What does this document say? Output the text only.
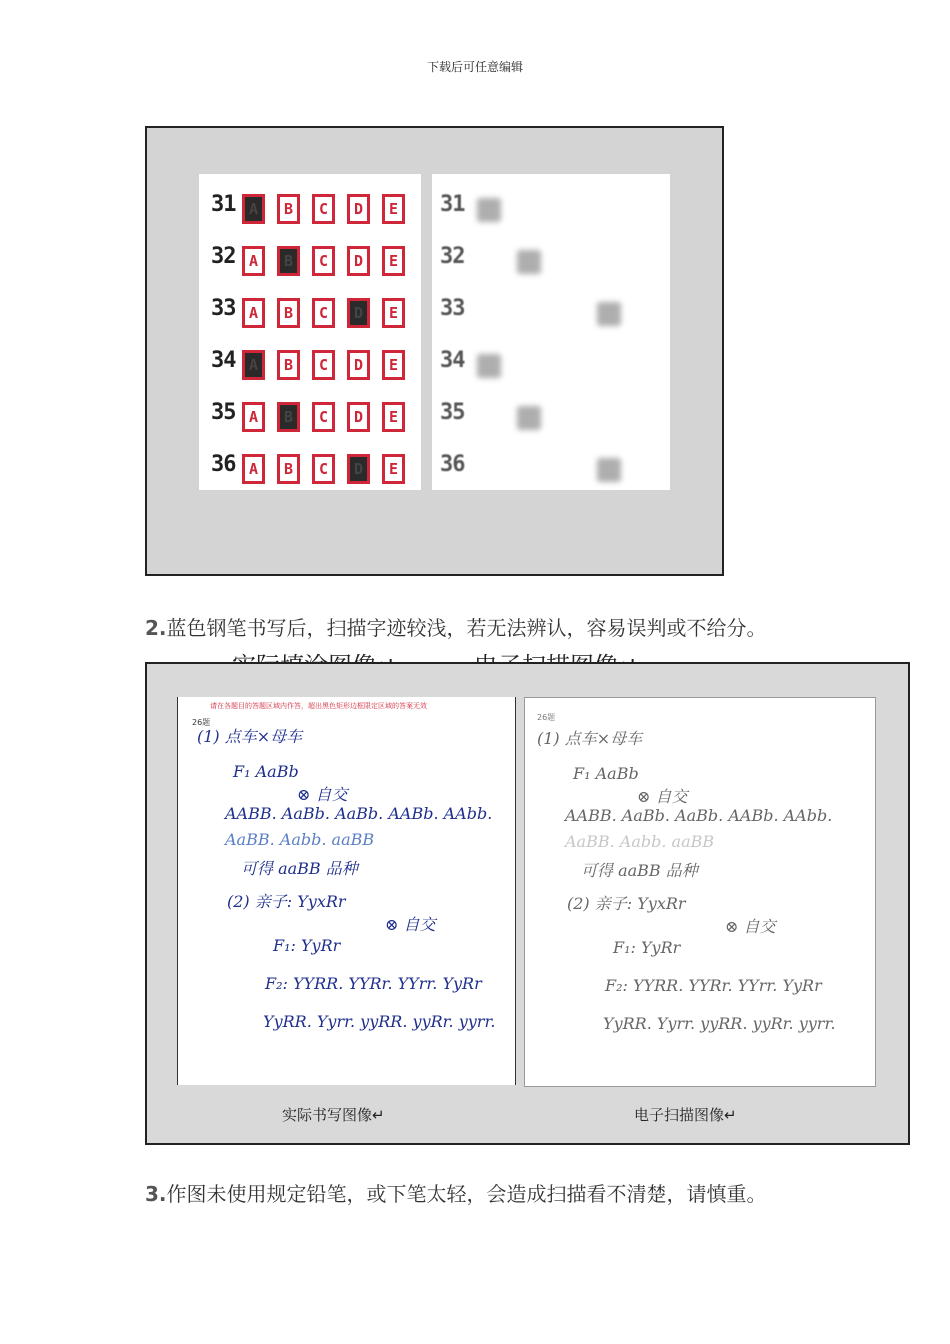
下载后可任意编辑
31 A	B	C	D	E	31
32 A	B	C	D	E	32
33 A	B	C	D	E	33
34 A	B	C	D	E	34
35 A	B	C	D	E	35
36 A	B	C	D	E	36
2.蓝色钢笔书写后，扫描字迹较浅，若无法辨认，容易误判或不给分。
请在各题目的答题区域内作答，超出黑色矩形边框限定区域的答案无效
26题
26题
(1) 点车×母车	(1) 点车×母车
F₁ AaBb	F₁ AaBb
⊗ 自交	⊗ 自交
AABB. AaBb. AaBb. AABb. AAbb.	AABB. AaBb. AaBb. AABb. AAbb.
AaBB. Aabb. aaBB	AaBB. Aabb. aaBB
可得 aaBB 品种	可得 aaBB 品种
(2) 亲子: YyxRr	(2) 亲子: YyxRr
⊗ 自交	⊗ 自交
F₁: YyRr	F₁: YyRr
F₂: YYRR. YYRr. YYrr. YyRr	F₂: YYRR. YYRr. YYrr. YyRr
YyRR. Yyrr. yyRR. yyRr. yyrr.	YyRR. Yyrr. yyRR. yyRr. yyrr.
实际书写图像↵	电子扫描图像↵
3.作图未使用规定铅笔，或下笔太轻，会造成扫描看不清楚，请慎重。
